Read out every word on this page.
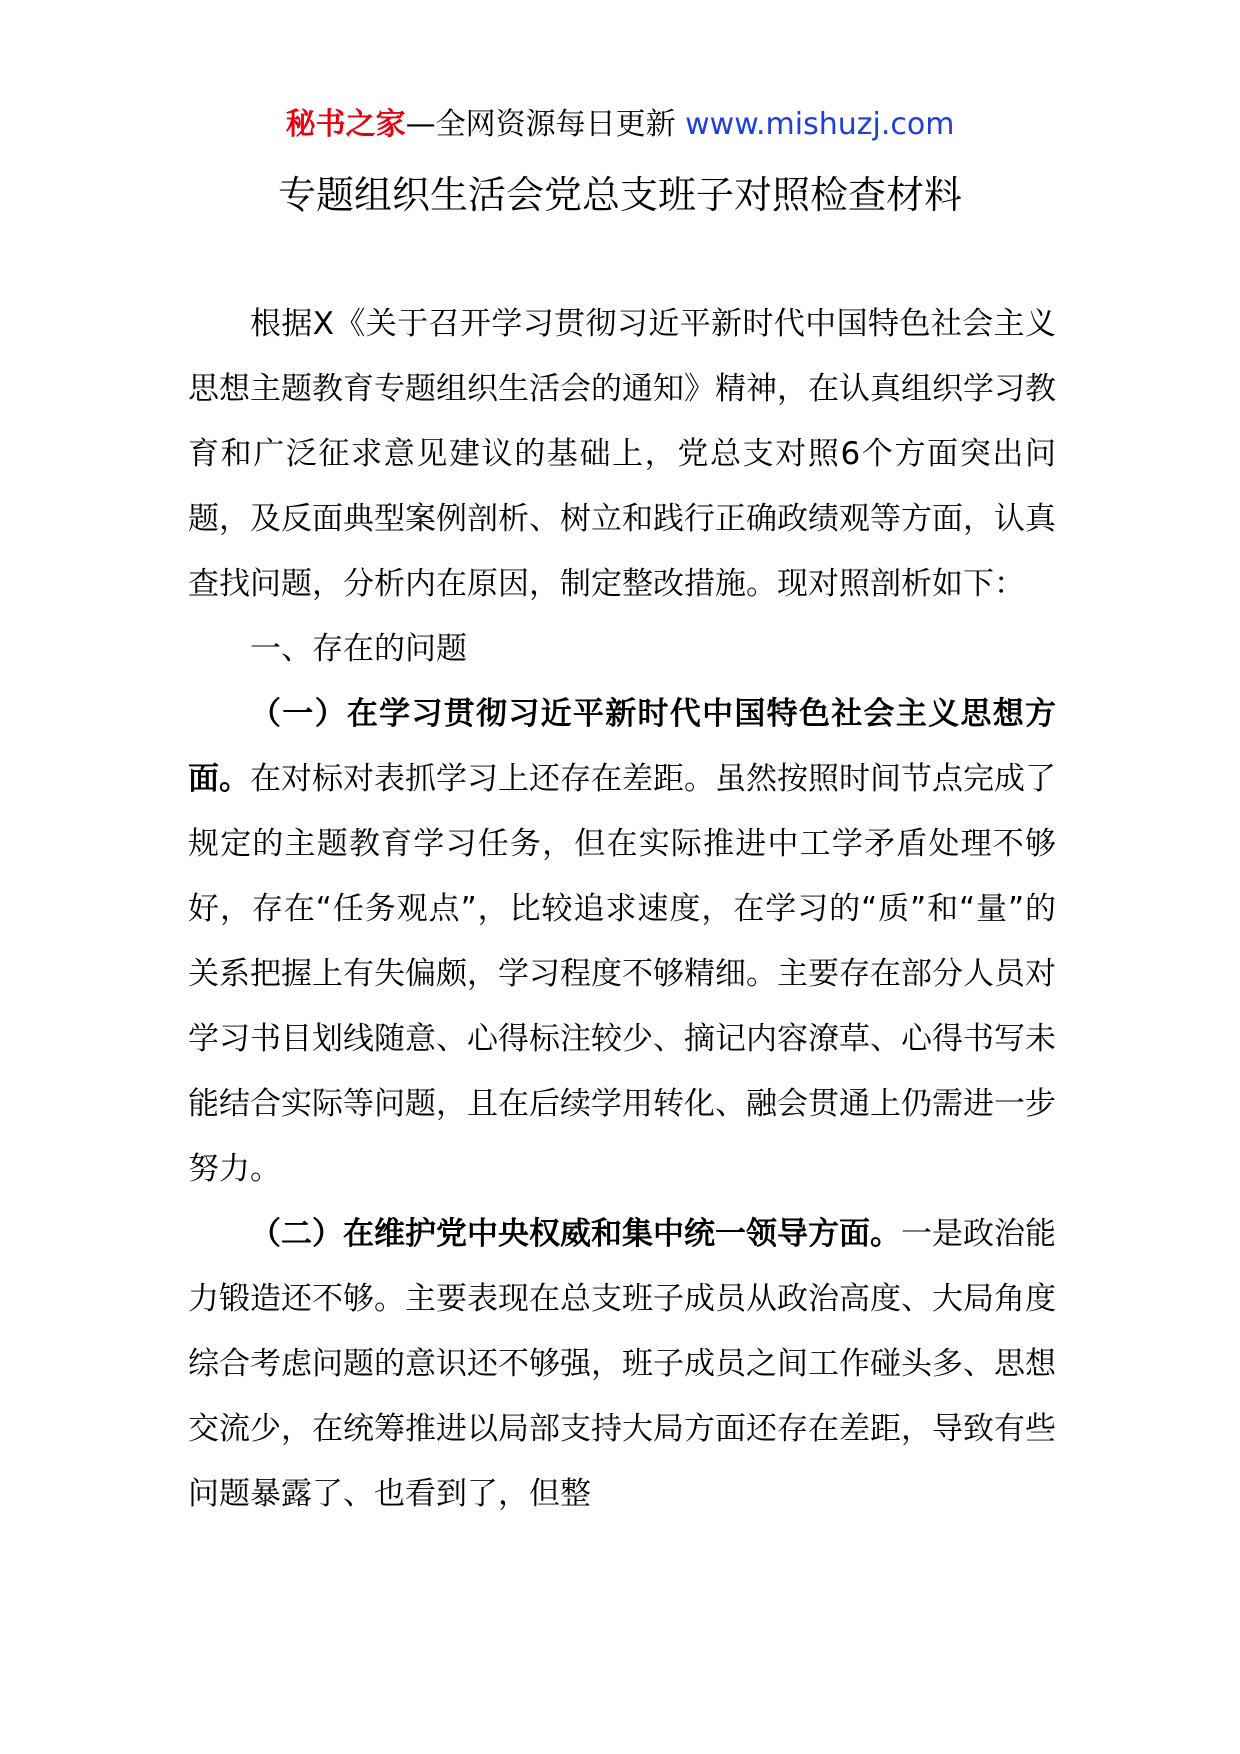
秘书之家—全网资源每日更新 www.mishuzj.com
专题组织生活会党总支班子对照检查材料

根据X《关于召开学习贯彻习近平新时代中国特色社会主义思想主题教育专题组织生活会的通知》精神，在认真组织学习教育和广泛征求意见建议的基础上，党总支对照6个方面突出问题，及反面典型案例剖析、树立和践行正确政绩观等方面，认真查找问题，分析内在原因，制定整改措施。现对照剖析如下：

一、存在的问题

（一）在学习贯彻习近平新时代中国特色社会主义思想方面。在对标对表抓学习上还存在差距。虽然按照时间节点完成了规定的主题教育学习任务，但在实际推进中工学矛盾处理不够好，存在“任务观点”，比较追求速度，在学习的“质”和“量”的关系把握上有失偏颇，学习程度不够精细。主要存在部分人员对学习书目划线随意、心得标注较少、摘记内容潦草、心得书写未能结合实际等问题，且在后续学用转化、融会贯通上仍需进一步努力。

（二）在维护党中央权威和集中统一领导方面。一是政治能力锻造还不够。主要表现在总支班子成员从政治高度、大局角度综合考虑问题的意识还不够强，班子成员之间工作碰头多、思想交流少，在统筹推进以局部支持大局方面还存在差距，导致有些问题暴露了、也看到了，但整
